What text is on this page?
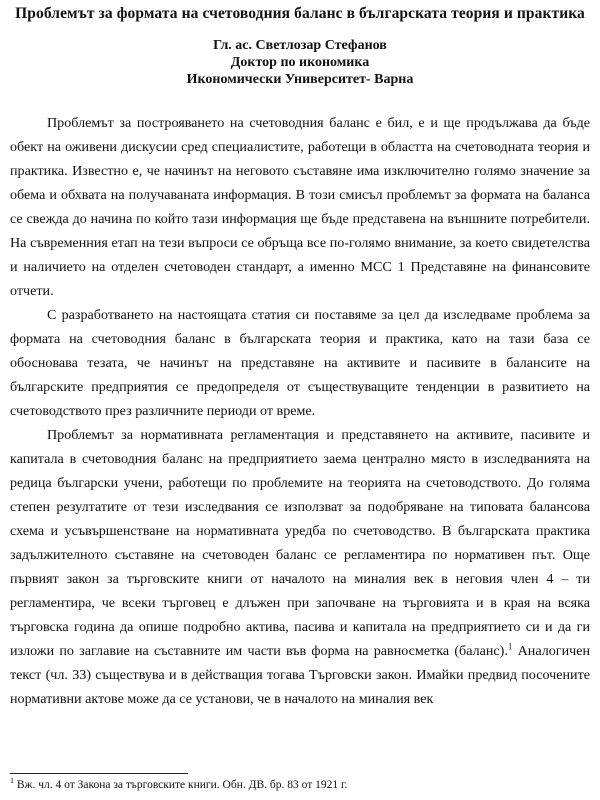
Проблемът за формата на счетоводния баланс в българската теория и практика
Гл. ас. Светлозар Стефанов
Доктор по икономика
Икономически Университет- Варна

Проблемът за построяването на счетоводния баланс е бил, е и ще продължава да бъде обект на оживени дискусии сред специалистите, работещи в областта на счетоводната теория и практика. Известно е, че начинът на неговото съставяне има изключително голямо значение за обема и обхвата на получаваната информация. В този смисъл проблемът за формата на баланса се свежда до начина по който тази информация ще бъде представена на външните потребители. На съвременния етап на тези въпроси се обръща все по-голямо внимание, за което свидетелства и наличието на отделен счетоводен стандарт, а именно МСС 1 Представяне на финансовите отчети.

С разработването на настоящата статия си поставяме за цел да изследваме проблема за формата на счетоводния баланс в българската теория и практика, като на тази база се обосновава тезата, че начинът на представяне на активите и пасивите в балансите на българските предприятия се предопределя от съществуващите тенденции в развитието на счетоводството през различните периоди от време.

Проблемът за нормативната регламентация и представянето на активите, пасивите и капитала в счетоводния баланс на предприятието заема централно място в изследванията на редица български учени, работещи по проблемите на теорията на счетоводството. До голяма степен резултатите от тези изследвания се използват за подобряване на типовата балансова схема и усъвършенстване на нормативната уредба по счетоводство. В българската практика задължителното съставяне на счетоводен баланс се регламентира по нормативен път. Още първият закон за търговските книги от началото на миналия век в неговия член 4 – ти регламентира, че всеки търговец е длъжен при започване на търговията и в края на всяка търговска година да опише подробно актива, пасива и капитала на предприятието си и да ги изложи по заглавие на съставните им части във форма на равносметка (баланс).$^1$ Аналогичен текст (чл. 33) съществува и в действащия тогава Търговски закон. Имайки предвид посочените нормативни актове може да се установи, че в началото на миналия век

$^1$ Вж. чл. 4 от Закона за търговските книги. Обн. ДВ. бр. 83 от 1921 г.
